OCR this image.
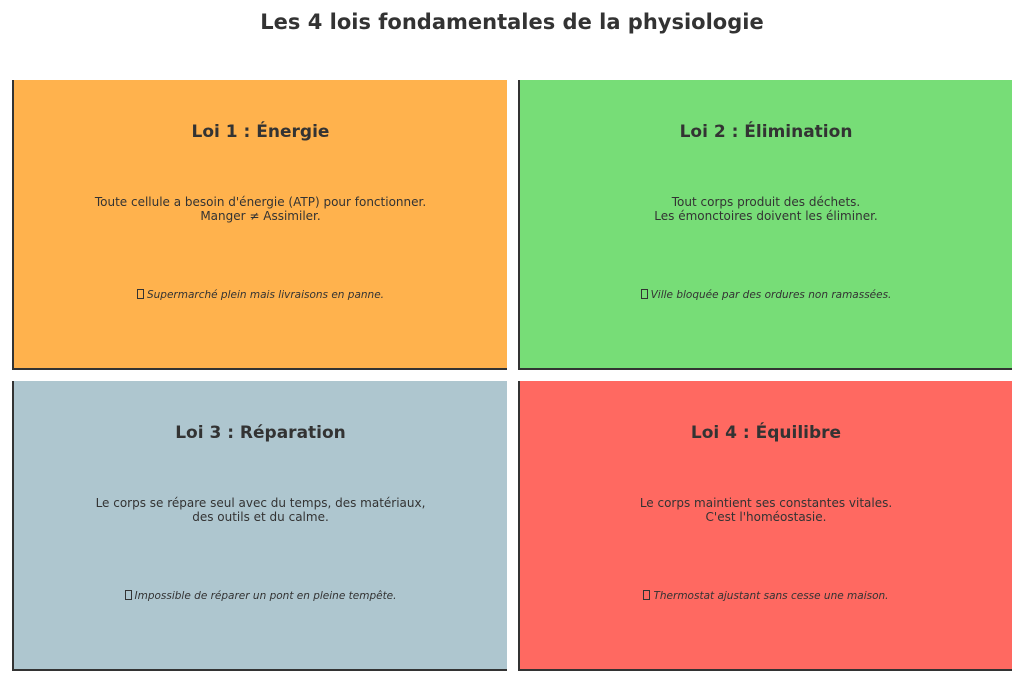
Les 4 lois fondamentales de la physiologie
Loi 1 : Énergie
Toute cellule a besoin d'énergie (ATP) pour fonctionner.
Manger ≠ Assimiler.
Supermarché plein mais livraisons en panne.
Loi 2 : Élimination
Tout corps produit des déchets.
Les émonctoires doivent les éliminer.
Ville bloquée par des ordures non ramassées.
Loi 3 : Réparation
Le corps se répare seul avec du temps, des matériaux,
des outils et du calme.
Impossible de réparer un pont en pleine tempête.
Loi 4 : Équilibre
Le corps maintient ses constantes vitales.
C'est l'homéostasie.
Thermostat ajustant sans cesse une maison.
